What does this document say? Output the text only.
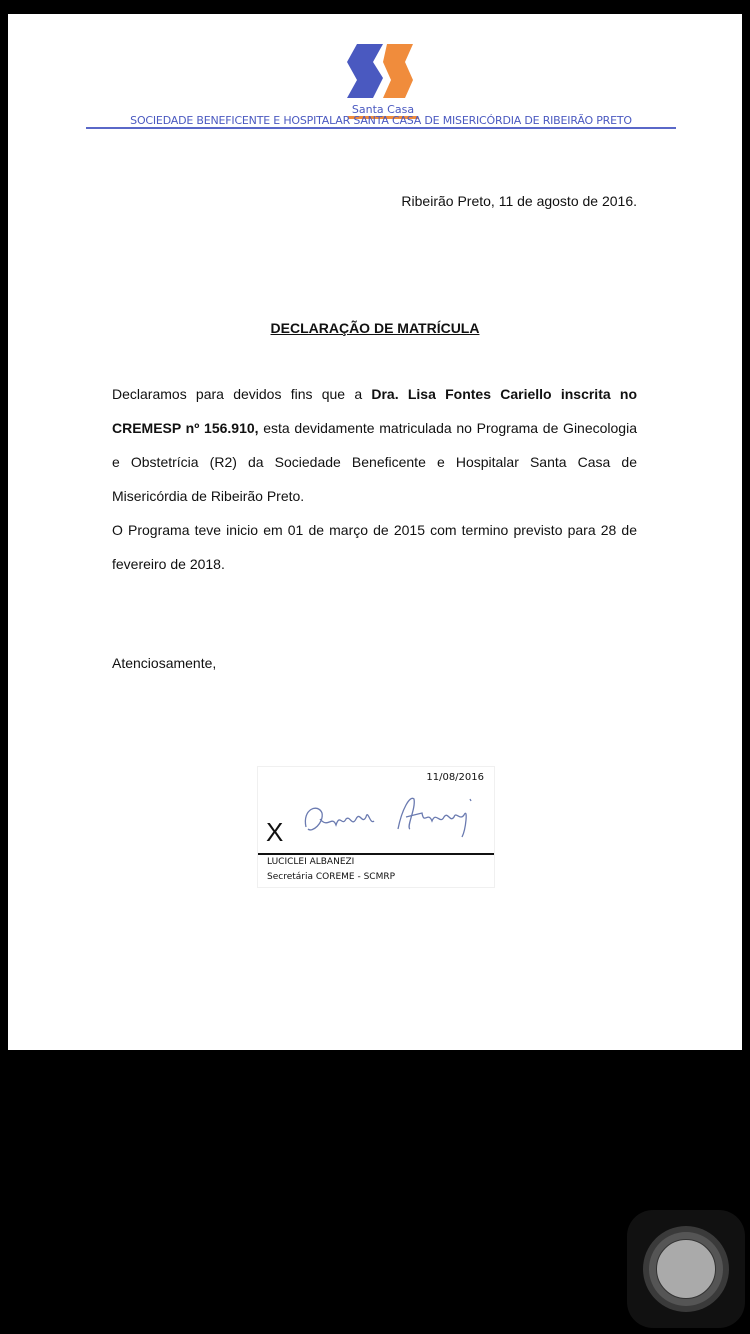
Santa Casa
SOCIEDADE BENEFICENTE E HOSPITALAR SANTA CASA DE MISERICÓRDIA DE RIBEIRÃO PRETO
Ribeirão Preto, 11 de agosto de 2016.
DECLARAÇÃO DE MATRÍCULA

Declaramos para devidos fins que a Dra. Lisa Fontes Cariello inscrita no CREMESP nº 156.910, esta devidamente matriculada no Programa de Ginecologia e Obstetrícia (R2) da Sociedade Beneficente e Hospitalar Santa Casa de Misericórdia de Ribeirão Preto.

O Programa teve inicio em 01 de março de 2015 com termino previsto para 28 de fevereiro de 2018.

Atenciosamente,
11/08/2016
X
LUCICLEI ALBANEZI
Secretária COREME - SCMRP
